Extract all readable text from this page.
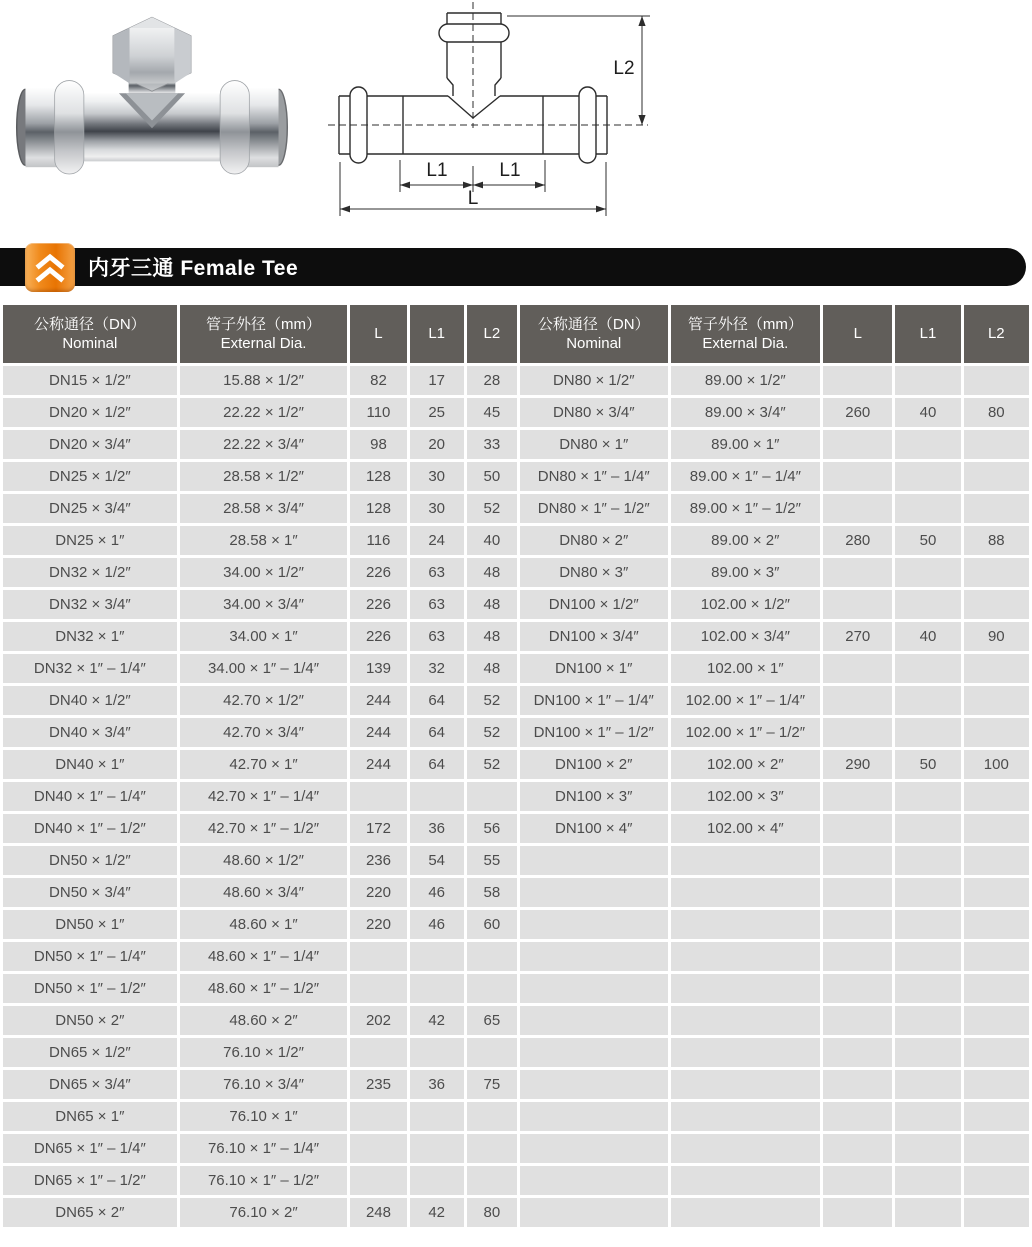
L2
L1	L1
L
内牙三通 Female Tee
公称通径（DN）
Nominal	管子外径（mm）
External Dia.	L	L1	L2	公称通径（DN）
Nominal	管子外径（mm）
External Dia.	L	L1	L2
DN15 × 1/2″	15.88 × 1/2″	82	17	28	DN80 × 1/2″	89.00 × 1/2″			
DN20 × 1/2″	22.22 × 1/2″	110	25	45	DN80 × 3/4″	89.00 × 3/4″	260	40	80
DN20 × 3/4″	22.22 × 3/4″	98	20	33	DN80 × 1″	89.00 × 1″			
DN25 × 1/2″	28.58 × 1/2″	128	30	50	DN80 × 1″ – 1/4″	89.00 × 1″ – 1/4″			
DN25 × 3/4″	28.58 × 3/4″	128	30	52	DN80 × 1″ – 1/2″	89.00 × 1″ – 1/2″			
DN25 × 1″	28.58 × 1″	116	24	40	DN80 × 2″	89.00 × 2″	280	50	88
DN32 × 1/2″	34.00 × 1/2″	226	63	48	DN80 × 3″	89.00 × 3″			
DN32 × 3/4″	34.00 × 3/4″	226	63	48	DN100 × 1/2″	102.00 × 1/2″			
DN32 × 1″	34.00 × 1″	226	63	48	DN100 × 3/4″	102.00 × 3/4″	270	40	90
DN32 × 1″ – 1/4″	34.00 × 1″ – 1/4″	139	32	48	DN100 × 1″	102.00 × 1″			
DN40 × 1/2″	42.70 × 1/2″	244	64	52	DN100 × 1″ – 1/4″	102.00 × 1″ – 1/4″			
DN40 × 3/4″	42.70 × 3/4″	244	64	52	DN100 × 1″ – 1/2″	102.00 × 1″ – 1/2″			
DN40 × 1″	42.70 × 1″	244	64	52	DN100 × 2″	102.00 × 2″	290	50	100
DN40 × 1″ – 1/4″	42.70 × 1″ – 1/4″				DN100 × 3″	102.00 × 3″			
DN40 × 1″ – 1/2″	42.70 × 1″ – 1/2″	172	36	56	DN100 × 4″	102.00 × 4″			
DN50 × 1/2″	48.60 × 1/2″	236	54	55					
DN50 × 3/4″	48.60 × 3/4″	220	46	58					
DN50 × 1″	48.60 × 1″	220	46	60					
DN50 × 1″ – 1/4″	48.60 × 1″ – 1/4″								
DN50 × 1″ – 1/2″	48.60 × 1″ – 1/2″								
DN50 × 2″	48.60 × 2″	202	42	65					
DN65 × 1/2″	76.10 × 1/2″								
DN65 × 3/4″	76.10 × 3/4″	235	36	75					
DN65 × 1″	76.10 × 1″								
DN65 × 1″ – 1/4″	76.10 × 1″ – 1/4″								
DN65 × 1″ – 1/2″	76.10 × 1″ – 1/2″								
DN65 × 2″	76.10 × 2″	248	42	80					
